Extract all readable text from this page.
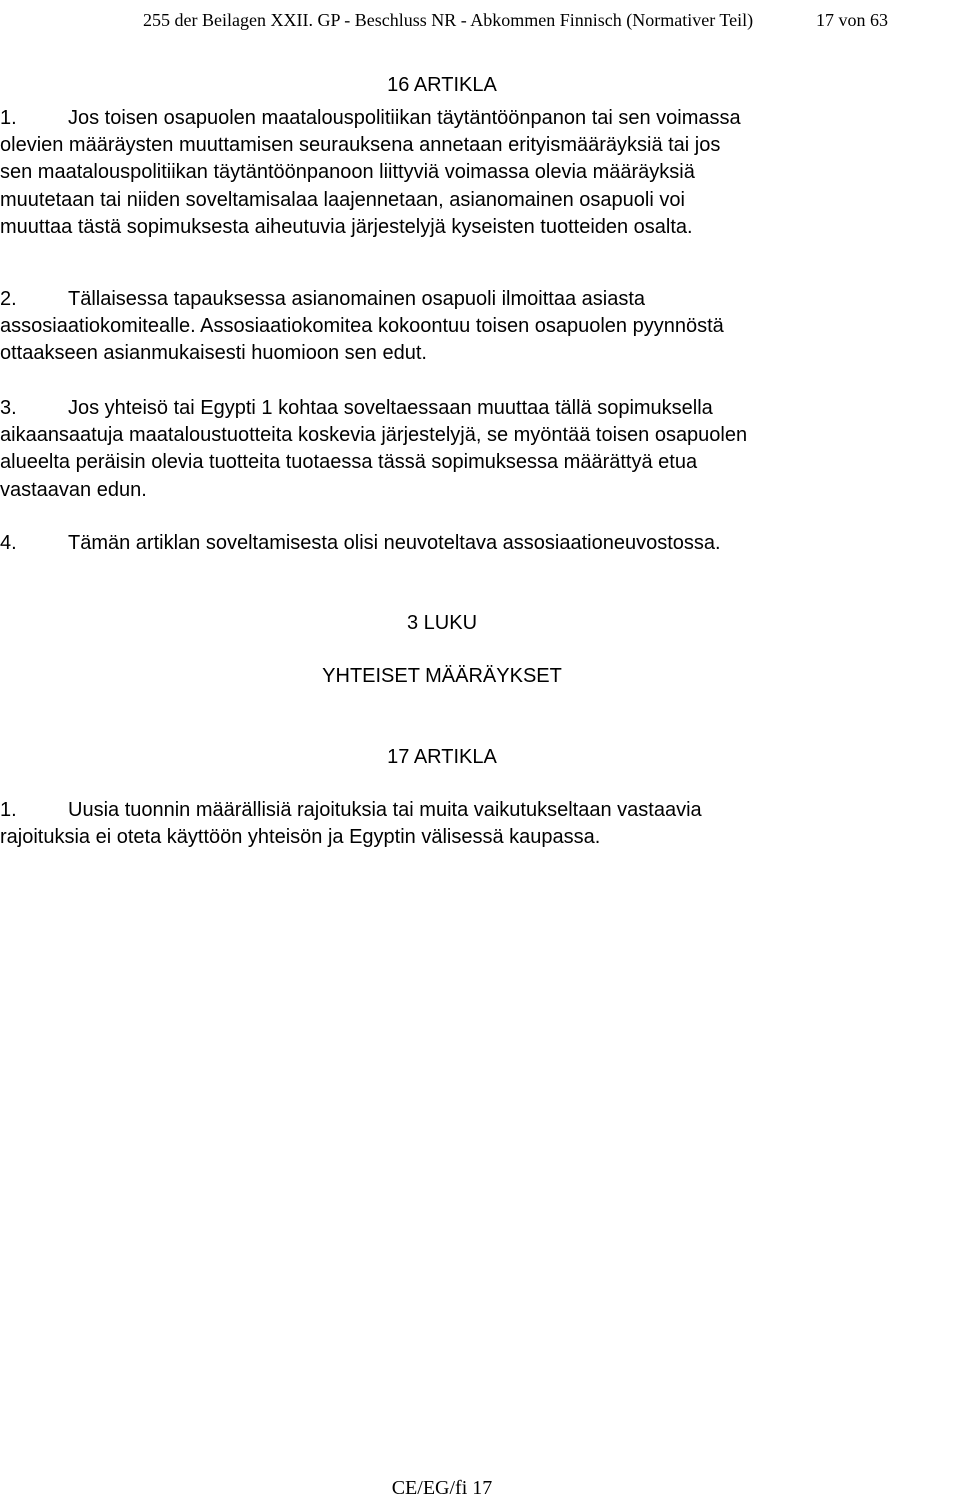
255 der Beilagen XXII. GP - Beschluss NR - Abkommen Finnisch (Normativer Teil)	17 von 63
16 ARTIKLA
1.	Jos toisen osapuolen maatalouspolitiikan täytäntöönpanon tai sen voimassa
olevien määräysten muuttamisen seurauksena annetaan erityismääräyksiä tai jos
sen maatalouspolitiikan täytäntöönpanoon liittyviä voimassa olevia määräyksiä
muutetaan tai niiden soveltamisalaa laajennetaan, asianomainen osapuoli voi
muuttaa tästä sopimuksesta aiheutuvia järjestelyjä kyseisten tuotteiden osalta.
2.	Tällaisessa tapauksessa asianomainen osapuoli ilmoittaa asiasta
assosiaatiokomitealle. Assosiaatiokomitea kokoontuu toisen osapuolen pyynnöstä
ottaakseen asianmukaisesti huomioon sen edut.
3.	Jos yhteisö tai Egypti 1 kohtaa soveltaessaan muuttaa tällä sopimuksella
aikaansaatuja maataloustuotteita koskevia järjestelyjä, se myöntää toisen osapuolen
alueelta peräisin olevia tuotteita tuotaessa tässä sopimuksessa määrättyä etua
vastaavan edun.
4.	Tämän artiklan soveltamisesta olisi neuvoteltava assosiaationeuvostossa.
3 LUKU
YHTEISET MÄÄRÄYKSET
17 ARTIKLA
1.	Uusia tuonnin määrällisiä rajoituksia tai muita vaikutukseltaan vastaavia
rajoituksia ei oteta käyttöön yhteisön ja Egyptin välisessä kaupassa.
CE/EG/fi 17
